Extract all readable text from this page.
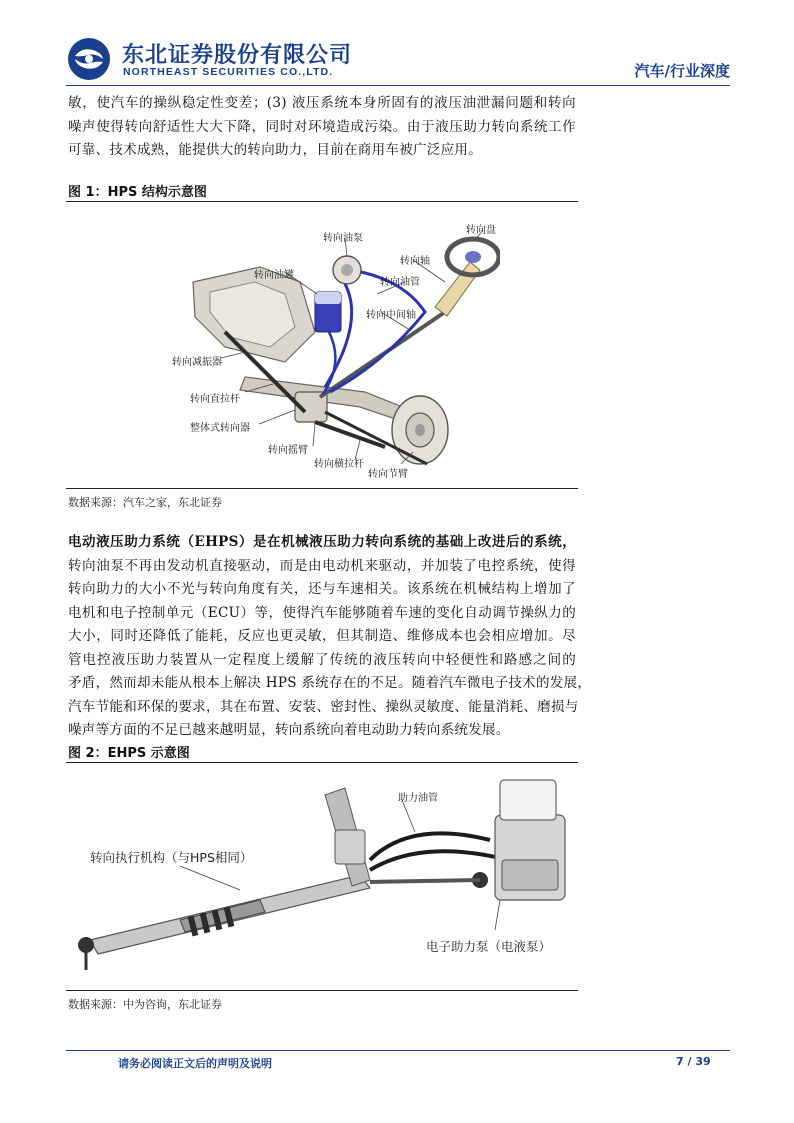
东北证券股份有限公司
NORTHEAST SECURITIES CO.,LTD.	汽车/行业深度
敏，使汽车的操纵稳定性变差；(3) 液压系统本身所固有的液压油泄漏问题和转向
噪声使得转向舒适性大大下降，同时对环境造成污染。由于液压助力转向系统工作
可靠、技术成熟，能提供大的转向助力，目前在商用车被广泛应用。
图 1：HPS 结构示意图
转向油泵
转向盘
转向轴
转向油罐
转向油管
转向中间轴
转向减振器
转向直拉杆
整体式转向器
转向摇臂
转向横拉杆
转向节臂
数据来源：汽车之家，东北证券
电动液压助力系统（EHPS）是在机械液压助力转向系统的基础上改进后的系统，
转向油泵不再由发动机直接驱动，而是由电动机来驱动，并加装了电控系统，使得
转向助力的大小不光与转向角度有关，还与车速相关。该系统在机械结构上增加了
电机和电子控制单元（ECU）等，使得汽车能够随着车速的变化自动调节操纵力的
大小，同时还降低了能耗，反应也更灵敏，但其制造、维修成本也会相应增加。尽
管电控液压助力装置从一定程度上缓解了传统的液压转向中轻便性和路感之间的
矛盾，然而却未能从根本上解决 HPS 系统存在的不足。随着汽车微电子技术的发展，
汽车节能和环保的要求，其在布置、安装、密封性、操纵灵敏度、能量消耗、磨损与
噪声等方面的不足已越来越明显，转向系统向着电动助力转向系统发展。
图 2：EHPS 示意图
助力油管
转向执行机构（与HPS相同）
电子助力泵（电液泵）
数据来源：中为咨询，东北证券
请务必阅读正文后的声明及说明	7 / 39
